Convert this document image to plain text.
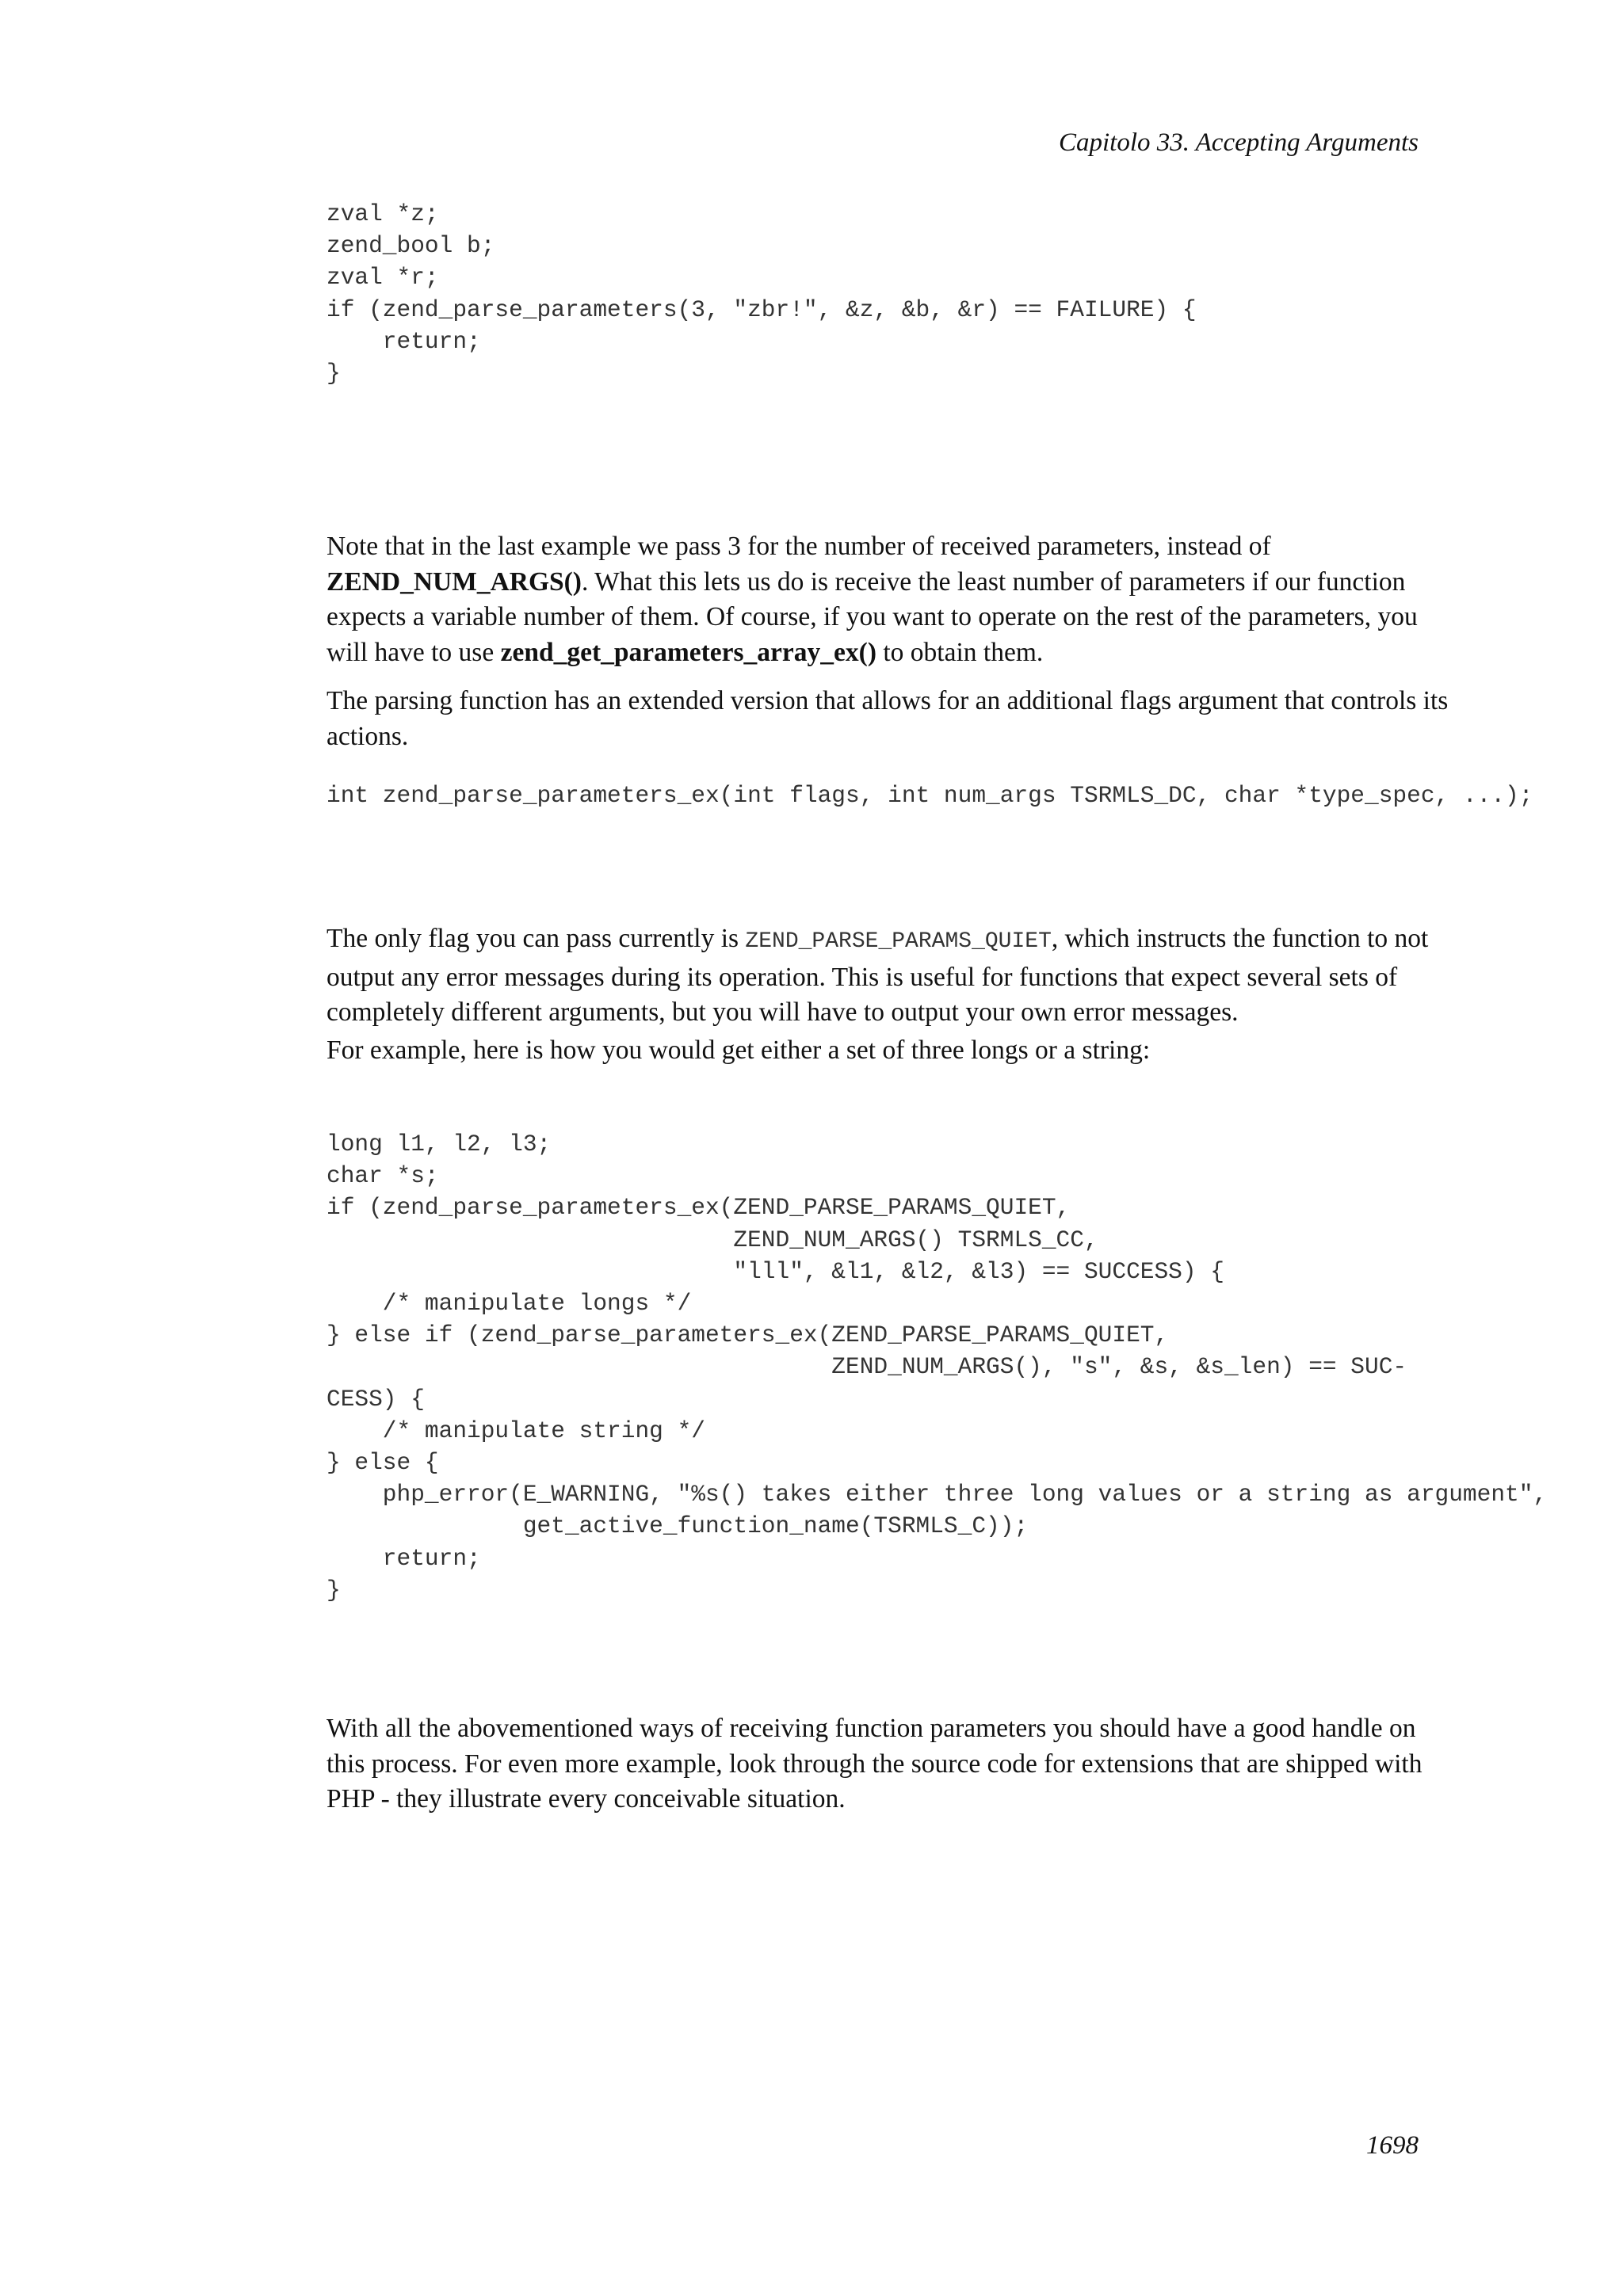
Capitolo 33. Accepting Arguments
zval *z;
zend_bool b;
zval *r;
if (zend_parse_parameters(3, "zbr!", &z, &b, &r) == FAILURE) {
return;
}

Note that in the last example we pass 3 for the number of received parameters, instead of ZEND_NUM_ARGS(). What this lets us do is receive the least number of parameters if our function expects a variable number of them. Of course, if you want to operate on the rest of the parameters, you will have to use zend_get_parameters_array_ex() to obtain them.

The parsing function has an extended version that allows for an additional flags argument that controls its actions.

int zend_parse_parameters_ex(int flags, int num_args TSRMLS_DC, char *type_spec, ...);

The only flag you can pass currently is ZEND_PARSE_PARAMS_QUIET, which instructs the function to not output any error messages during its operation. This is useful for functions that expect several sets of completely different arguments, but you will have to output your own error messages.

For example, here is how you would get either a set of three longs or a string:

long l1, l2, l3;
char *s;
if (zend_parse_parameters_ex(ZEND_PARSE_PARAMS_QUIET,
ZEND_NUM_ARGS() TSRMLS_CC,
"lll", &l1, &l2, &l3) == SUCCESS) {
/* manipulate longs */
} else if (zend_parse_parameters_ex(ZEND_PARSE_PARAMS_QUIET,
ZEND_NUM_ARGS(), "s", &s, &s_len) == SUC-
CESS) {
/* manipulate string */
} else {
php_error(E_WARNING, "%s() takes either three long values or a string as argument",
get_active_function_name(TSRMLS_C));
return;
}

With all the abovementioned ways of receiving function parameters you should have a good handle on this process. For even more example, look through the source code for extensions that are shipped with PHP - they illustrate every conceivable situation.

1698
